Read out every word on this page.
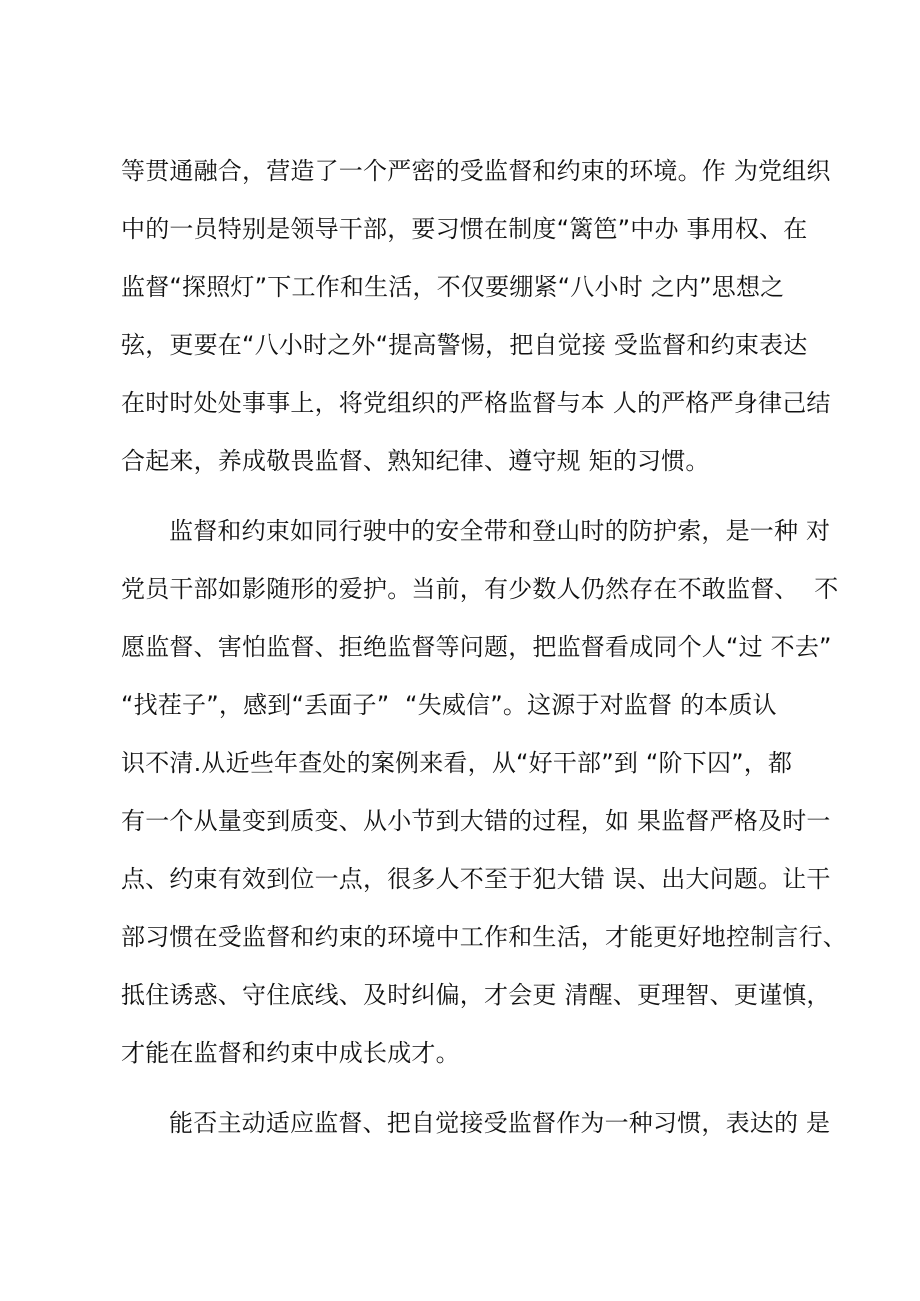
等贯通融合，营造了一个严密的受监督和约束的环境。作 为党组织
中的一员特别是领导干部，要习惯在制度“篱笆”中办 事用权、在
监督“探照灯”下工作和生活，不仅要绷紧“八小时 之内”思想之
弦，更要在“八小时之外“提高警惕，把自觉接 受监督和约束表达
在时时处处事事上，将党组织的严格监督与本 人的严格严身律己结
合起来，养成敬畏监督、熟知纪律、遵守规 矩的习惯。
监督和约束如同行驶中的安全带和登山时的防护索，是一种 对
党员干部如影随形的爱护。当前，有少数人仍然存在不敢监督、  不
愿监督、害怕监督、拒绝监督等问题，把监督看成同个人“过 不去”
“找茬子”，感到“丢面子”  “失威信”。这源于对监督 的本质认
识不清.从近些年查处的案例来看，从“好干部”到 “阶下囚”，都
有一个从量变到质变、从小节到大错的过程，如 果监督严格及时一
点、约束有效到位一点，很多人不至于犯大错 误、出大问题。让干
部习惯在受监督和约束的环境中工作和生活，才能更好地控制言行、
抵住诱惑、守住底线、及时纠偏，才会更 清醒、更理智、更谨慎，
才能在监督和约束中成长成才。
能否主动适应监督、把自觉接受监督作为一种习惯，表达的 是
